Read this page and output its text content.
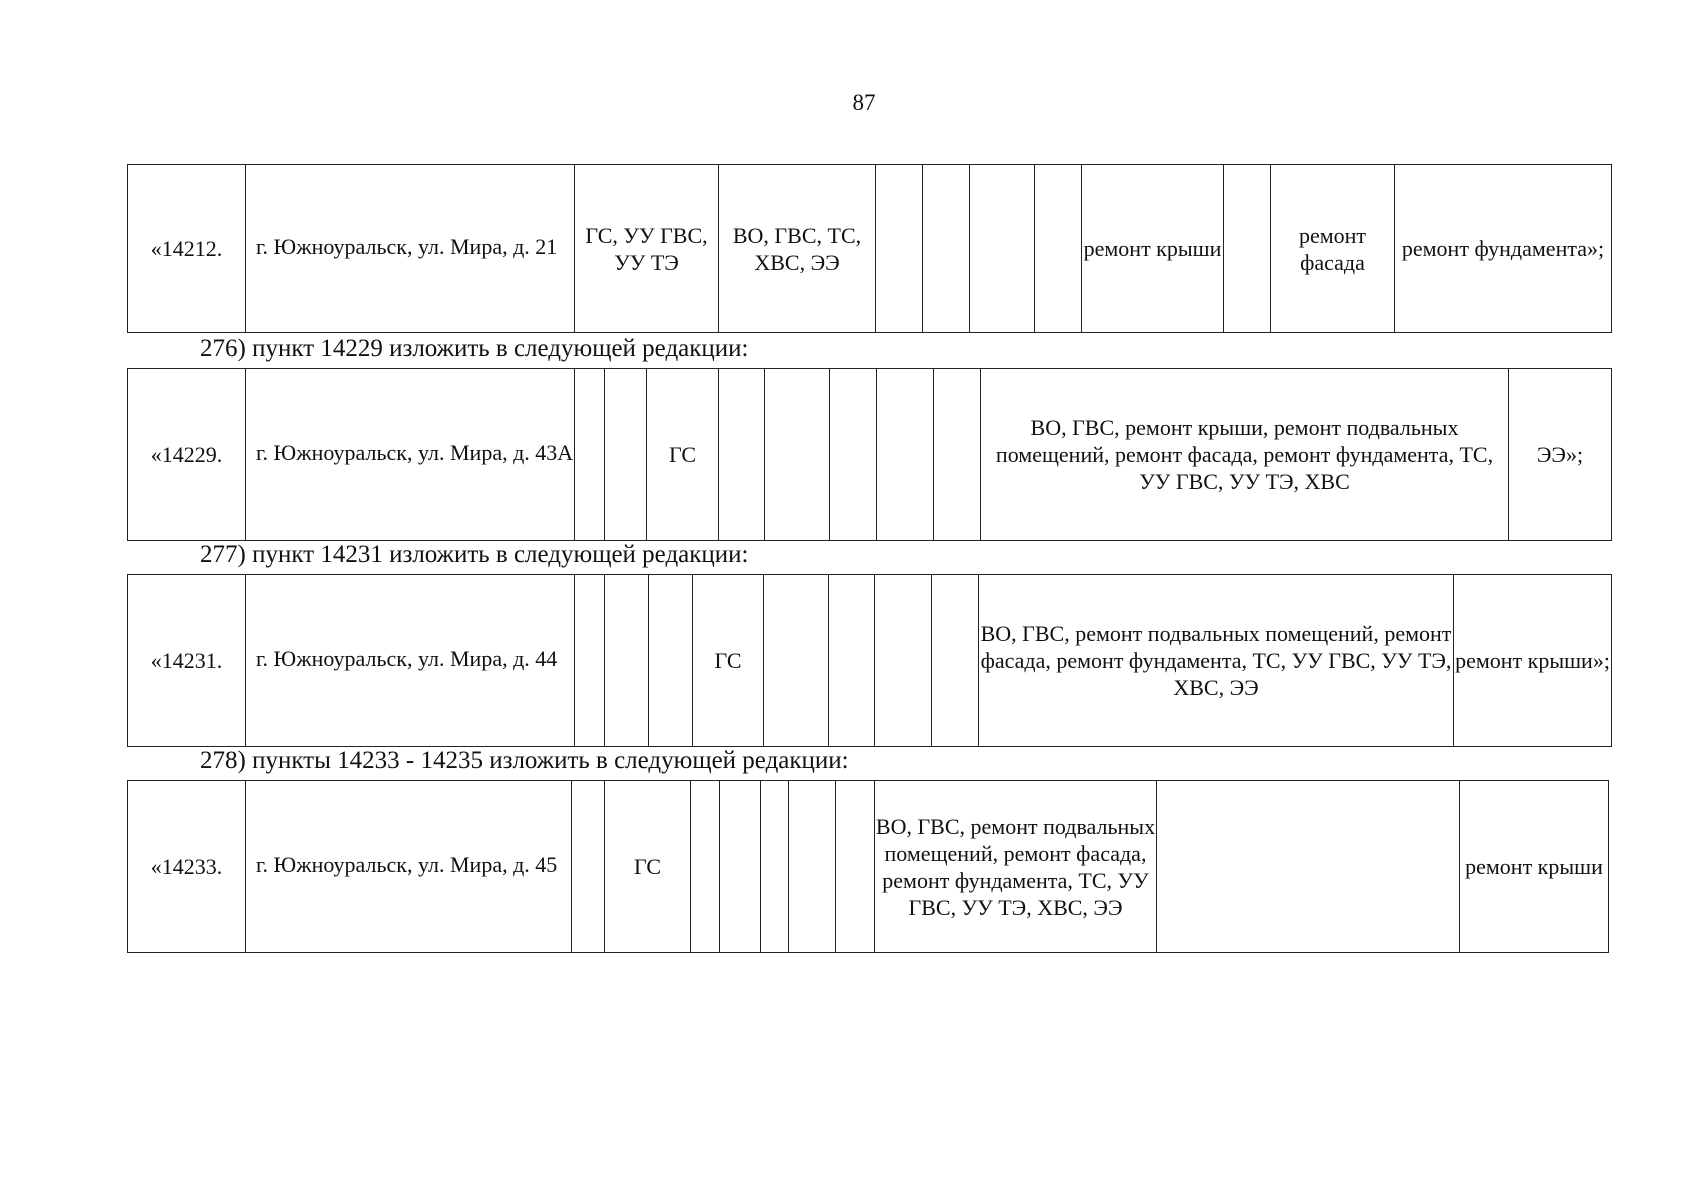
87
«14212.	г. Южноуральск, ул. Мира, д. 21	ГС, УУ ГВС, УУ ТЭ	ВО, ГВС, ТС, ХВС, ЭЭ					ремонт крыши		ремонт фасада	ремонт фундамента»;
276) пункт 14229 изложить в следующей редакции:
«14229.	г. Южноуральск, ул. Мира, д. 43А			ГС						ВО, ГВС, ремонт крыши, ремонт подвальных помещений, ремонт фасада, ремонт фундамента, ТС, УУ ГВС, УУ ТЭ, ХВС	ЭЭ»;
277) пункт 14231 изложить в следующей редакции:
«14231.	г. Южноуральск, ул. Мира, д. 44				ГС					ВО, ГВС, ремонт подвальных помещений, ремонт фасада, ремонт фундамента, ТС, УУ ГВС, УУ ТЭ, ХВС, ЭЭ	ремонт крыши»;
278) пункты 14233 - 14235 изложить в следующей редакции:
«14233.	г. Южноуральск, ул. Мира, д. 45		ГС						ВО, ГВС, ремонт подвальных помещений, ремонт фасада, ремонт фундамента, ТС, УУ ГВС, УУ ТЭ, ХВС, ЭЭ		ремонт крыши
